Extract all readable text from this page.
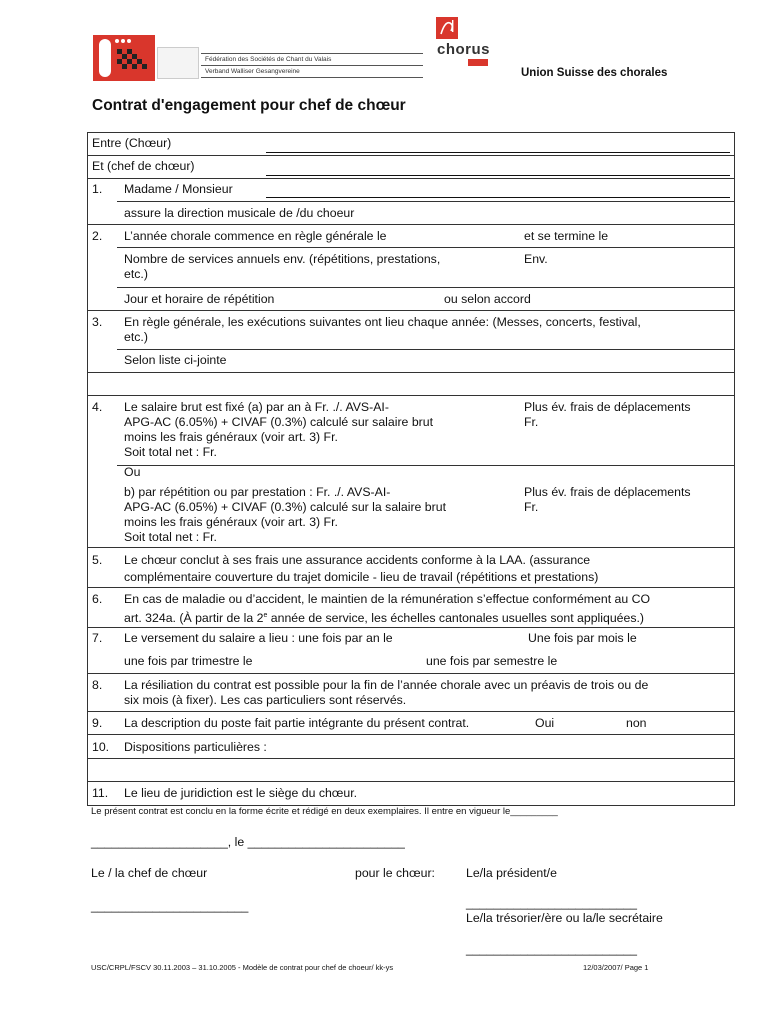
Fédération des Sociétés de Chant du Valais
Verband Walliser Gesangvereine
chorus
Union Suisse des chorales
Contrat d'engagement pour chef de chœur
Entre (Chœur)
Et (chef de chœur)
1. Madame / Monsieur
assure la direction musicale de /du choeur
2. L’année chorale commence en règle générale le	et se termine le
Nombre de services annuels env. (répétitions, prestations,
etc.)
Env.
Jour et horaire de répétition	ou selon accord
3. En règle générale, les exécutions suivantes ont lieu chaque année: (Messes, concerts, festival,
etc.)
Selon liste ci-jointe
4. Le salaire brut est fixé (a) par an à Fr. ./. AVS-AI-
APG-AC (6.05%) + CIVAF (0.3%) calculé sur salaire brut
moins les frais généraux (voir art. 3) Fr.
Soit total net : Fr.
Plus év. frais de déplacements
Fr.
Ou
b) par répétition ou par prestation : Fr. ./. AVS-AI-
APG-AC (6.05%) + CIVAF (0.3%) calculé sur la salaire brut
moins les frais généraux (voir art. 3) Fr.
Soit total net : Fr.
Plus év. frais de déplacements
Fr.
5. Le chœur conclut à ses frais une assurance accidents conforme à la LAA. (assurance
complémentaire couverture du trajet domicile - lieu de travail (répétitions et prestations)
6. En cas de maladie ou d’accident, le maintien de la rémunération s’effectue conformément au CO
art. 324a. (À partir de la 2e année de service, les échelles cantonales usuelles sont appliquées.)
7. Le versement du salaire a lieu : une fois par an le	Une fois par mois le
une fois par trimestre le	une fois par semestre le
8. La résiliation du contrat est possible pour la fin de l’année chorale avec un préavis de trois ou de
six mois (à fixer). Les cas particuliers sont réservés.
9. La description du poste fait partie intégrante du présent contrat.	Oui	non
10. Dispositions particulières :
11. Le lieu de juridiction est le siège du chœur.
Le présent contrat est conclu en la forme écrite et rédigé en deux exemplaires. Il entre en vigueur le_________
____________________, le _______________________
Le / la chef de chœur	pour le chœur:	Le/la président/e
_______________________	_________________________
Le/la trésorier/ère ou la/le secrétaire
_________________________
USC/CRPL/FSCV 30.11.2003 – 31.10.2005 - Modèle de contrat pour chef de choeur/ kk-ys	12/03/2007/ Page 1
